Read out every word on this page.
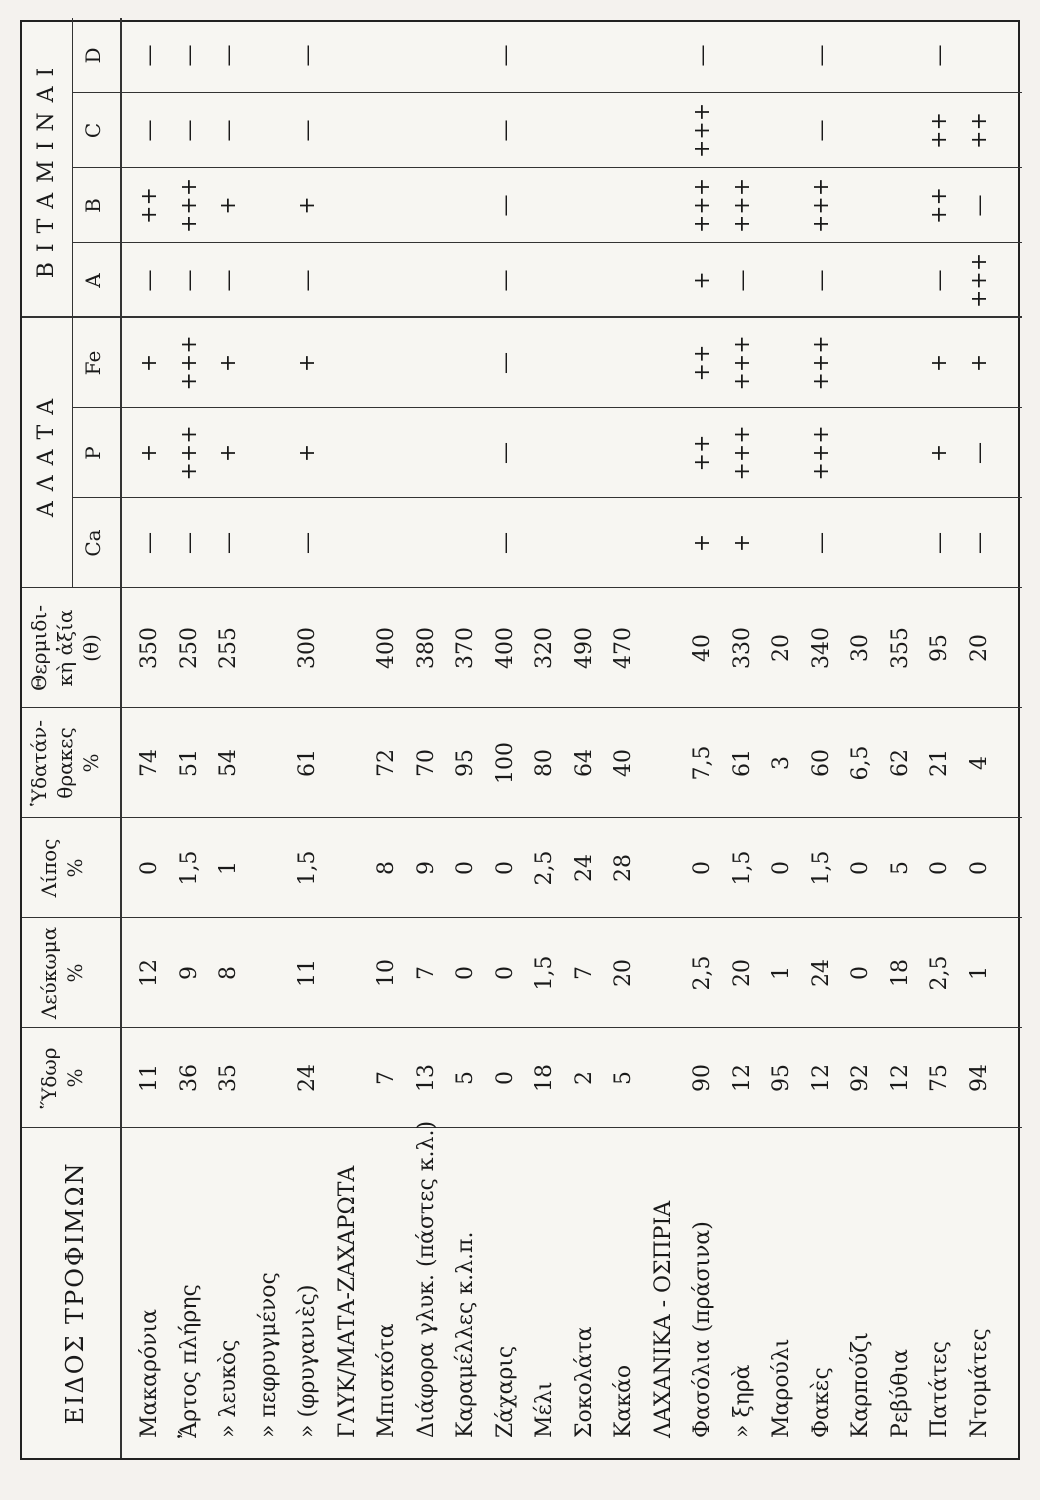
ΕΙΔΟΣ ΤΡΟΦΙΜΩΝ
Ὕδωρ %
Λεύκωμα %
Λίπος %
Ὑδατάν- θρακες %
Θερμιδι- κὴ ἀξία (θ)
ΑΛΑΤΑ
ΒΙΤΑΜΙΝΑΙ
Ca
P
Fe
A
B
C
D
Μακαρόνια
11
12
0
74
350
—
+
+
—
++
—
—
Ἄρτος πλήρης
36
9
1,5
51
250
—
+++
+++
—
+++
—
—
» λευκὸς
35
8
1
54
255
—
+
+
—
+
—
—
» πεφρυγμένος » (φρυγανιὲς)
24
11
1,5
61
300
—
+
+
—
+
—
—
ΓΛΥΚ/ΜΑΤΑ-ΖΑΧΑΡΩΤΑ Μπισκότα
7
10
8
72
400
Διάφορα γλυκ. (πάστες κ.λ.)
13
7
9
70
380
Καραμέλλες κ.λ.π.
5
0
0
95
370
Ζάχαρις
0
0
0
100
400
—
—
—
—
—
—
—
Μέλι
18
1,5
2,5
80
320
Σοκολάτα
2
7
24
64
490
Κακάο
5
20
28
40
470
ΛΑΧΑΝΙΚΑ - ΟΣΠΡΙΑ Φασόλια (πράσινα)
90
2,5
0
7,5
40
+
++
++
+
+++
+++
—
» ξηρὰ
12
20
1,5
61
330
+
+++
+++
—
+++
Μαρούλι
95
1
0
3
20
Φακὲς
12
24
1,5
60
340
—
+++
+++
—
+++
—
—
Καρπούζι
92
0
0
6,5
30
Ρεβύθια
12
18
5
62
355
Πατάτες
75
2,5
0
21
95
—
+
+
—
++
++
—
Ντομάτες
94
1
0
4
20
—
—
+
+++
—
++
